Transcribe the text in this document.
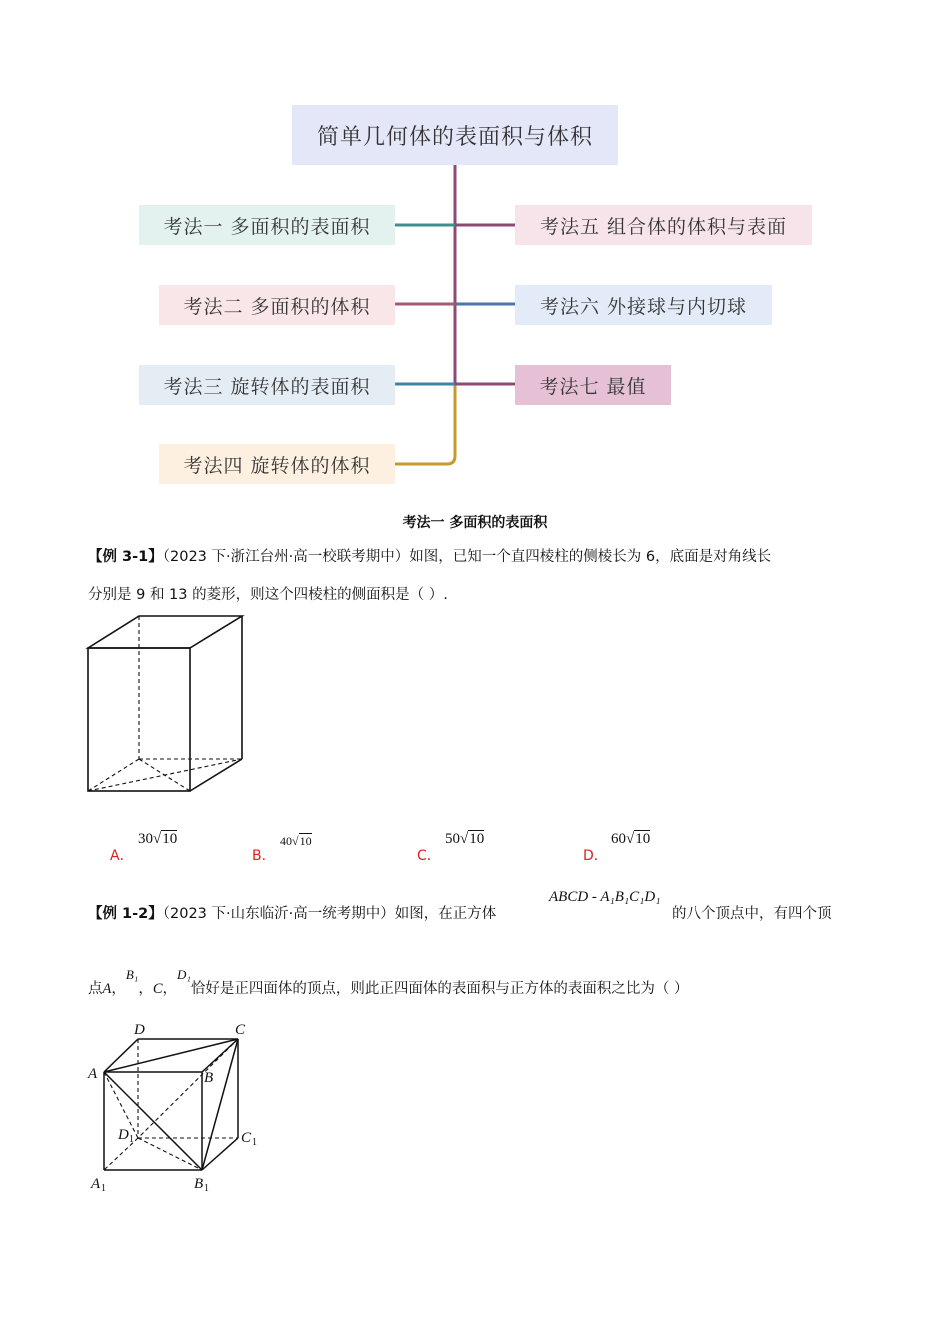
简单几何体的表面积与体积
考法一 多面积的表面积
考法二 多面积的体积
考法三 旋转体的表面积
考法四 旋转体的体积
考法五 组合体的体积与表面
考法六 外接球与内切球
考法七 最值
考法一 多面积的表面积
【例 3-1】（2023 下·浙江台州·高一校联考期中）如图，已知一个直四棱柱的侧棱长为 6，底面是对角线长
分别是 9 和 13 的菱形，则这个四棱柱的侧面积是（ ）.
A．
30√10
B．
40√10
C．
50√10
D．
60√10
【例 1-2】（2023 下·山东临沂·高一统考期中）如图，在正方体
ABCD - A₁B₁C₁D₁
的八个顶点中，有四个顶
点A，B₁，C，D₁恰好是正四面体的顶点，则此正四面体的表面积与正方体的表面积之比为（ ）
D	C
A	B
D	C
A	B
1	1
1	1
